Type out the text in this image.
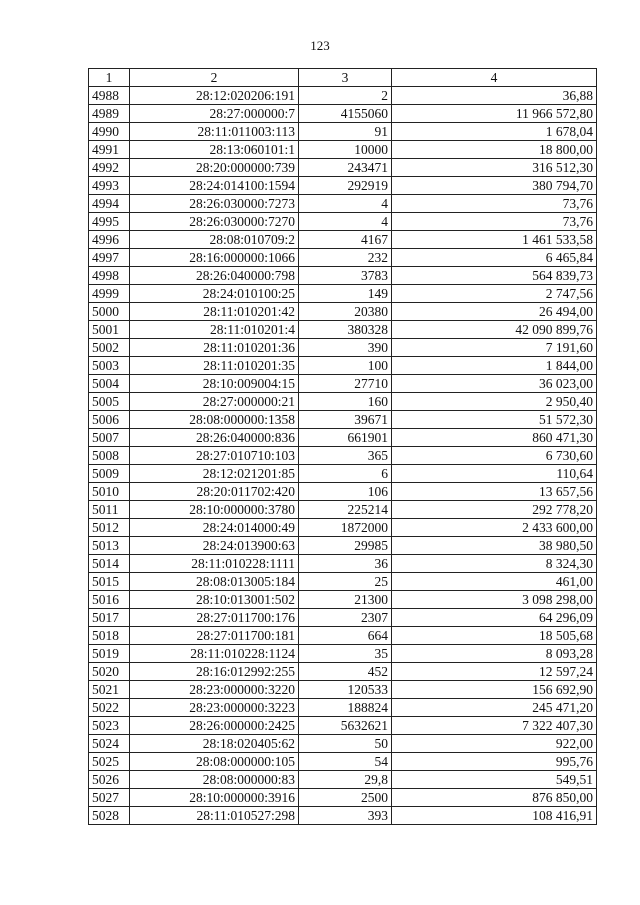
123
1	2	3	4
4988	28:12:020206:191	2	36,88
4989	28:27:000000:7	4155060	11 966 572,80
4990	28:11:011003:113	91	1 678,04
4991	28:13:060101:1	10000	18 800,00
4992	28:20:000000:739	243471	316 512,30
4993	28:24:014100:1594	292919	380 794,70
4994	28:26:030000:7273	4	73,76
4995	28:26:030000:7270	4	73,76
4996	28:08:010709:2	4167	1 461 533,58
4997	28:16:000000:1066	232	6 465,84
4998	28:26:040000:798	3783	564 839,73
4999	28:24:010100:25	149	2 747,56
5000	28:11:010201:42	20380	26 494,00
5001	28:11:010201:4	380328	42 090 899,76
5002	28:11:010201:36	390	7 191,60
5003	28:11:010201:35	100	1 844,00
5004	28:10:009004:15	27710	36 023,00
5005	28:27:000000:21	160	2 950,40
5006	28:08:000000:1358	39671	51 572,30
5007	28:26:040000:836	661901	860 471,30
5008	28:27:010710:103	365	6 730,60
5009	28:12:021201:85	6	110,64
5010	28:20:011702:420	106	13 657,56
5011	28:10:000000:3780	225214	292 778,20
5012	28:24:014000:49	1872000	2 433 600,00
5013	28:24:013900:63	29985	38 980,50
5014	28:11:010228:1111	36	8 324,30
5015	28:08:013005:184	25	461,00
5016	28:10:013001:502	21300	3 098 298,00
5017	28:27:011700:176	2307	64 296,09
5018	28:27:011700:181	664	18 505,68
5019	28:11:010228:1124	35	8 093,28
5020	28:16:012992:255	452	12 597,24
5021	28:23:000000:3220	120533	156 692,90
5022	28:23:000000:3223	188824	245 471,20
5023	28:26:000000:2425	5632621	7 322 407,30
5024	28:18:020405:62	50	922,00
5025	28:08:000000:105	54	995,76
5026	28:08:000000:83	29,8	549,51
5027	28:10:000000:3916	2500	876 850,00
5028	28:11:010527:298	393	108 416,91
